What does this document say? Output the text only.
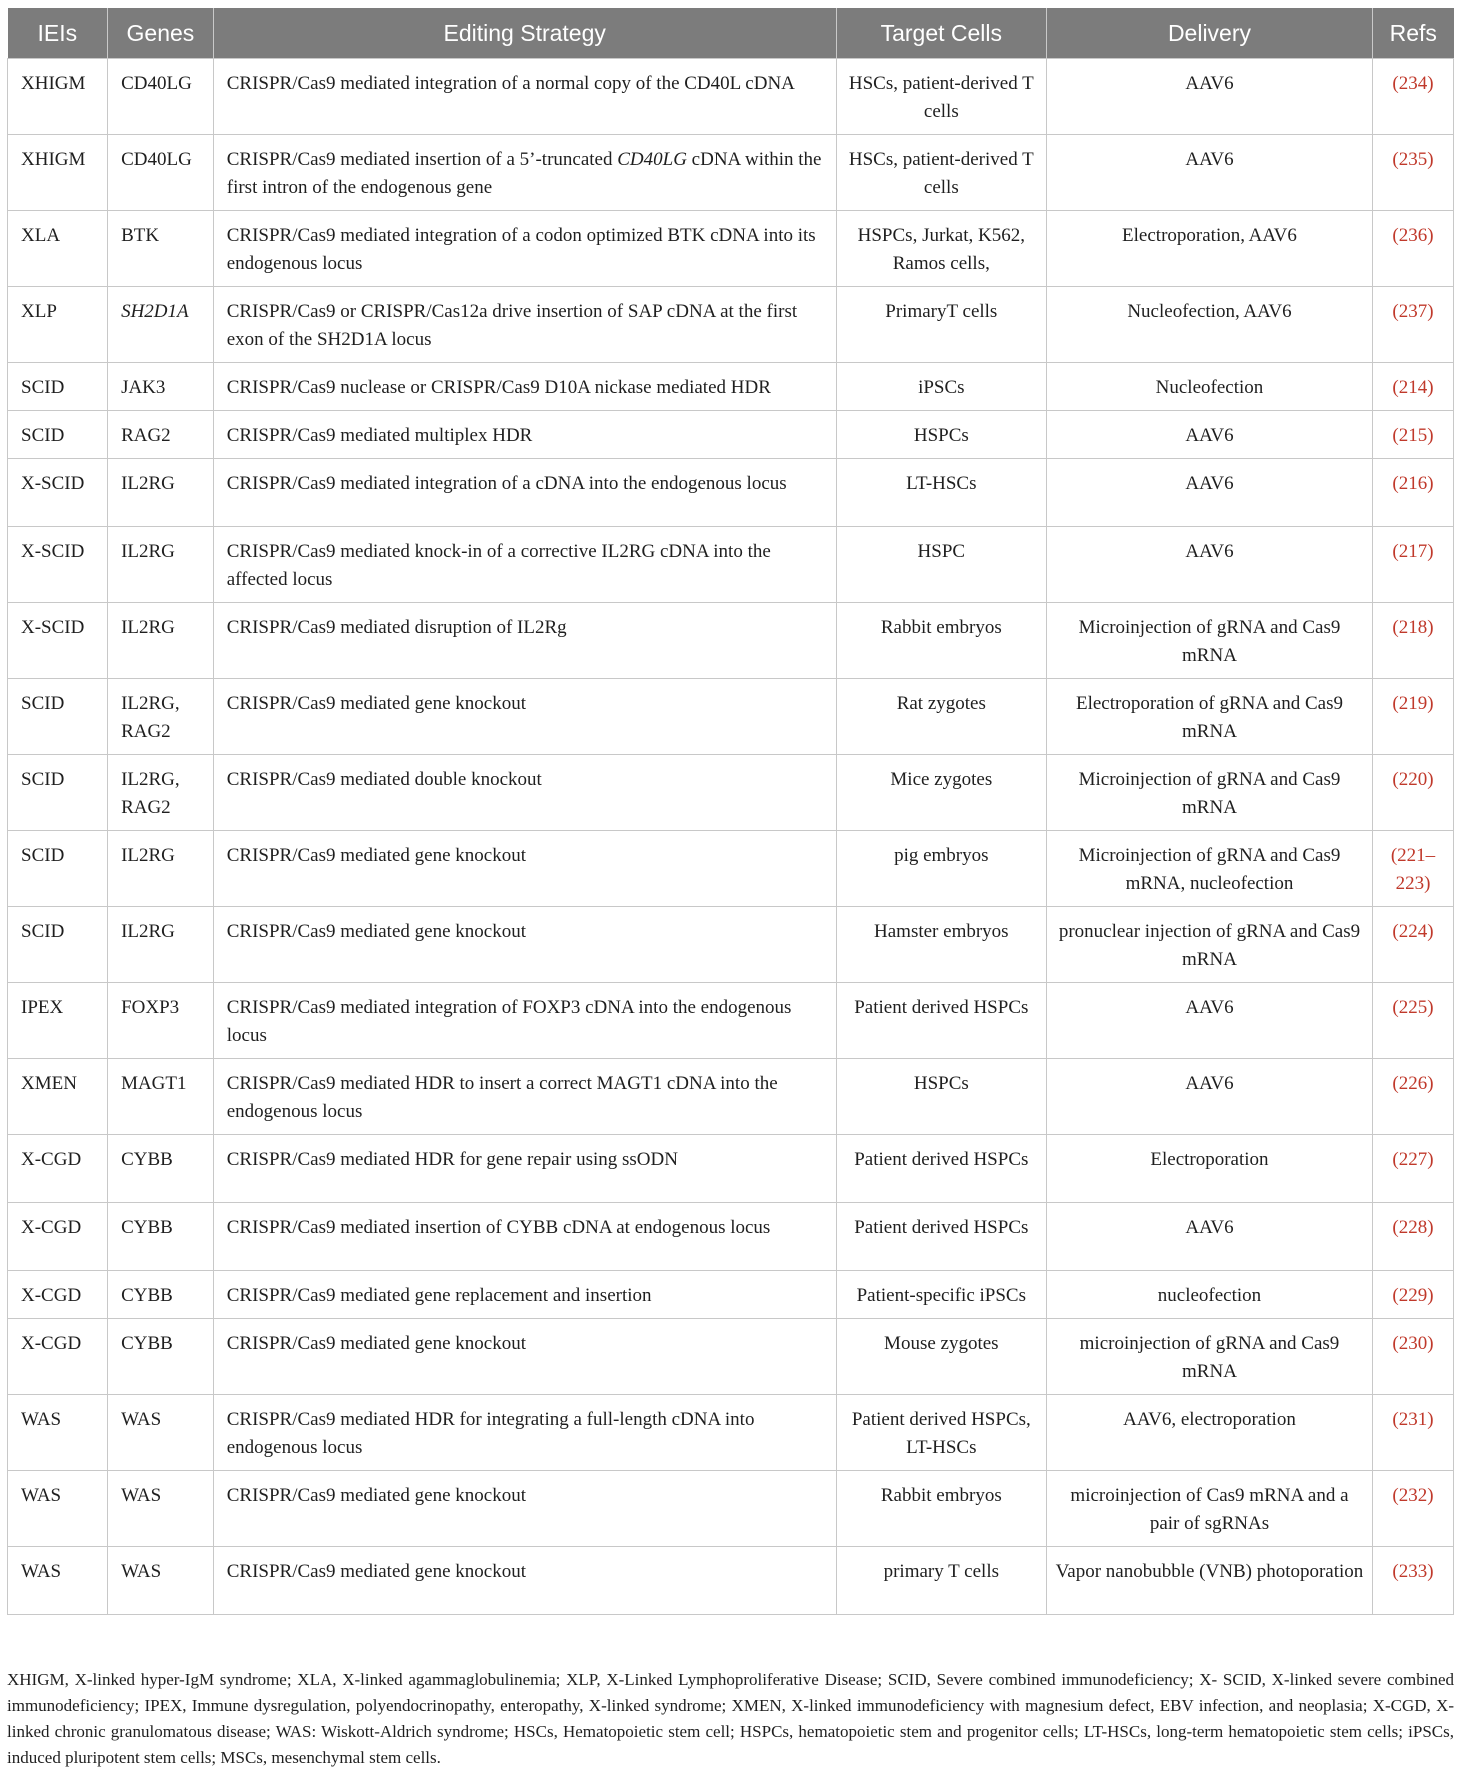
IEIs	Genes	Editing Strategy	Target Cells	Delivery	Refs
XHIGM	CD40LG	CRISPR/Cas9 mediated integration of a normal copy of the CD40L cDNA	HSCs, patient-derived T cells	AAV6	(234)
XHIGM	CD40LG	CRISPR/Cas9 mediated insertion of a 5’-truncated CD40LG cDNA within the first intron of the endogenous gene	HSCs, patient-derived T cells	AAV6	(235)
XLA	BTK	CRISPR/Cas9 mediated integration of a codon optimized BTK cDNA into its endogenous locus	HSPCs, Jurkat, K562, Ramos cells,	Electroporation, AAV6	(236)
XLP	SH2D1A	CRISPR/Cas9 or CRISPR/Cas12a drive insertion of SAP cDNA at the first exon of the SH2D1A locus	PrimaryT cells	Nucleofection, AAV6	(237)
SCID	JAK3	CRISPR/Cas9 nuclease or CRISPR/Cas9 D10A nickase mediated HDR	iPSCs	Nucleofection	(214)
SCID	RAG2	CRISPR/Cas9 mediated multiplex HDR	HSPCs	AAV6	(215)
X-SCID	IL2RG	CRISPR/Cas9 mediated integration of a cDNA into the endogenous locus	LT-HSCs	AAV6	(216)
X-SCID	IL2RG	CRISPR/Cas9 mediated knock-in of a corrective IL2RG cDNA into the affected locus	HSPC	AAV6	(217)
X-SCID	IL2RG	CRISPR/Cas9 mediated disruption of IL2Rg	Rabbit embryos	Microinjection of gRNA and Cas9 mRNA	(218)
SCID	IL2RG, RAG2	CRISPR/Cas9 mediated gene knockout	Rat zygotes	Electroporation of gRNA and Cas9 mRNA	(219)
SCID	IL2RG, RAG2	CRISPR/Cas9 mediated double knockout	Mice zygotes	Microinjection of gRNA and Cas9 mRNA	(220)
SCID	IL2RG	CRISPR/Cas9 mediated gene knockout	pig embryos	Microinjection of gRNA and Cas9 mRNA, nucleofection	(221–223)
SCID	IL2RG	CRISPR/Cas9 mediated gene knockout	Hamster embryos	pronuclear injection of gRNA and Cas9 mRNA	(224)
IPEX	FOXP3	CRISPR/Cas9 mediated integration of FOXP3 cDNA into the endogenous locus	Patient derived HSPCs	AAV6	(225)
XMEN	MAGT1	CRISPR/Cas9 mediated HDR to insert a correct MAGT1 cDNA into the endogenous locus	HSPCs	AAV6	(226)
X-CGD	CYBB	CRISPR/Cas9 mediated HDR for gene repair using ssODN	Patient derived HSPCs	Electroporation	(227)
X-CGD	CYBB	CRISPR/Cas9 mediated insertion of CYBB cDNA at endogenous locus	Patient derived HSPCs	AAV6	(228)
X-CGD	CYBB	CRISPR/Cas9 mediated gene replacement and insertion	Patient-specific iPSCs	nucleofection	(229)
X-CGD	CYBB	CRISPR/Cas9 mediated gene knockout	Mouse zygotes	microinjection of gRNA and Cas9 mRNA	(230)
WAS	WAS	CRISPR/Cas9 mediated HDR for integrating a full-length cDNA into endogenous locus	Patient derived HSPCs, LT-HSCs	AAV6, electroporation	(231)
WAS	WAS	CRISPR/Cas9 mediated gene knockout	Rabbit embryos	microinjection of Cas9 mRNA and a pair of sgRNAs	(232)
WAS	WAS	CRISPR/Cas9 mediated gene knockout	primary T cells	Vapor nanobubble (VNB) photoporation	(233)

XHIGM, X-linked hyper-IgM syndrome; XLA, X-linked agammaglobulinemia; XLP, X-Linked Lymphoproliferative Disease; SCID, Severe combined immunodeficiency; X- SCID, X-linked severe combined immunodeficiency; IPEX, Immune dysregulation, polyendocrinopathy, enteropathy, X-linked syndrome; XMEN, X-linked immunodeficiency with magnesium defect, EBV infection, and neoplasia; X-CGD, X-linked chronic granulomatous disease; WAS: Wiskott-Aldrich syndrome; HSCs, Hematopoietic stem cell; HSPCs, hematopoietic stem and progenitor cells; LT-HSCs, long-term hematopoietic stem cells; iPSCs, induced pluripotent stem cells; MSCs, mesenchymal stem cells.
